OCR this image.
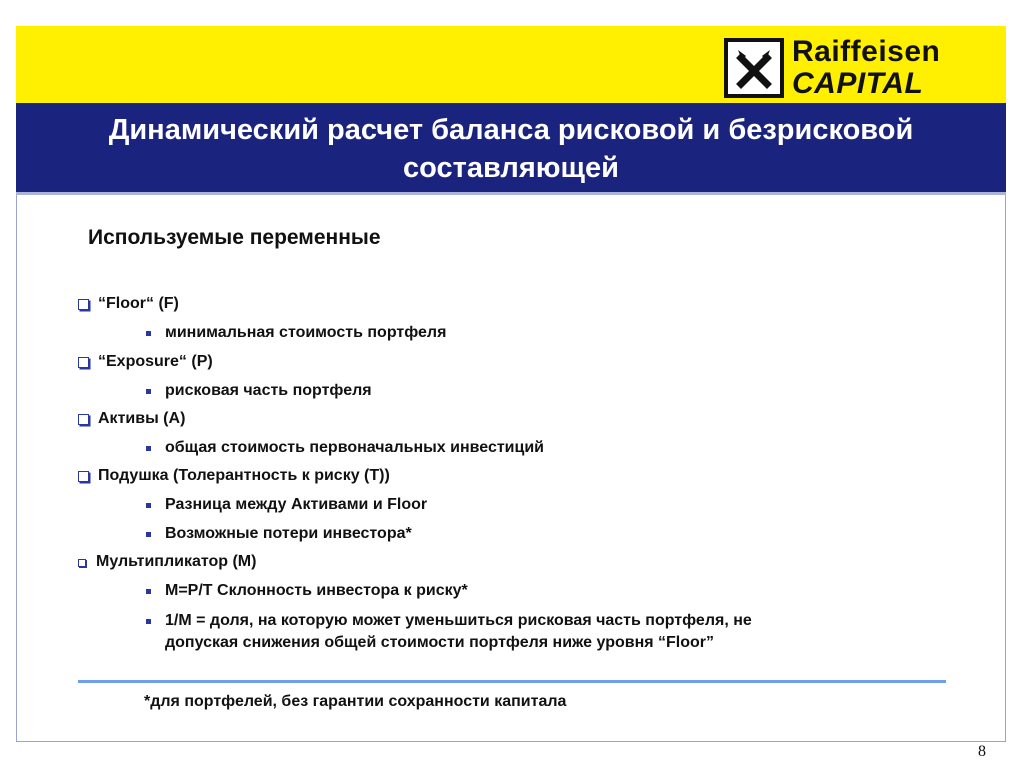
Raiffeisen
CAPITAL
Динамический расчет баланса рисковой и безрисковой
составляющей
Используемые переменные
“Floor“ (F)
минимальная стоимость портфеля
“Exposure“ (P)
рисковая часть портфеля
Активы (A)
общая стоимость первоначальных инвестиций
Подушка (Толерантность к риску (T))
Разница между Активами и Floor
Возможные потери инвестора*
Мультипликатор (M)
M=P/T Склонность инвестора к риску*
1/M = доля, на которую может уменьшиться рисковая часть портфеля, не
допуская снижения общей стоимости портфеля ниже уровня “Floor”
*для портфелей, без гарантии сохранности капитала
8
